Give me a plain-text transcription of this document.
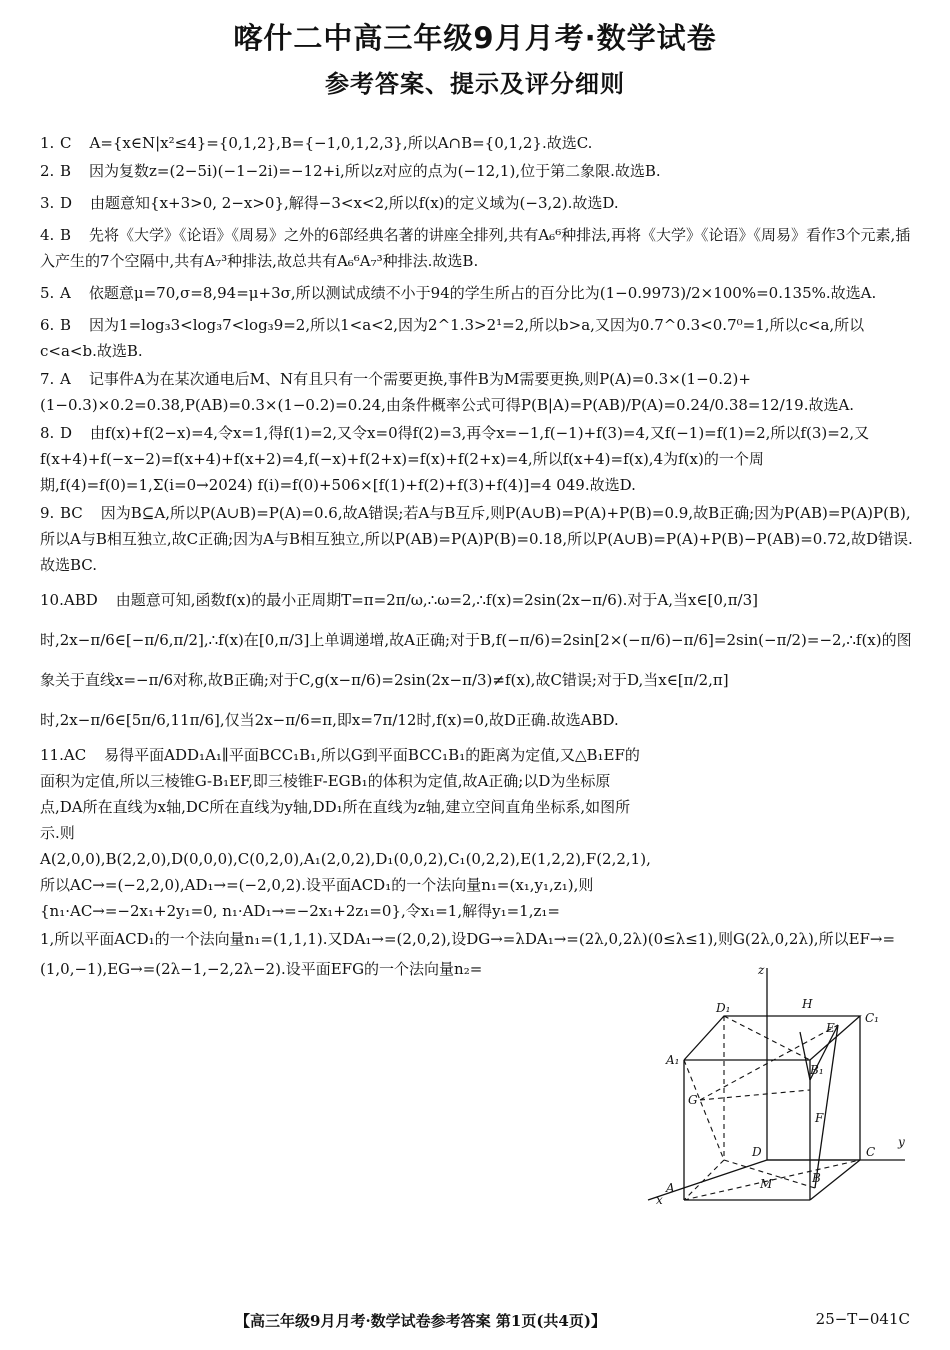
喀什二中高三年级9月月考·数学试卷
参考答案、提示及评分细则
1. C A={x∈N|x²≤4}={0,1,2},B={−1,0,1,2,3},所以A∩B={0,1,2}.故选C.
2. B 因为复数z=(2−5i)(−1−2i)=−12+i,所以z对应的点为(−12,1),位于第二象限.故选B.
3. D 由题意知{x+3>0, 2−x>0},解得−3<x<2,所以f(x)的定义域为(−3,2).故选D.
4. B 先将《大学》《论语》《周易》之外的6部经典名著的讲座全排列,共有A₆⁶种排法,再将《大学》《论语》《周易》看作3个元素,插入产生的7个空隔中,共有A₇³种排法,故总共有A₆⁶A₇³种排法.故选B.
5. A 依题意μ=70,σ=8,94=μ+3σ,所以测试成绩不小于94的学生所占的百分比为(1−0.9973)/2×100%=0.135%.故选A.
6. B 因为1=log₃3<log₃7<log₃9=2,所以1<a<2,因为2^1.3>2¹=2,所以b>a,又因为0.7^0.3<0.7⁰=1,所以c<a,所以c<a<b.故选B.
7. A 记事件A为在某次通电后M、N有且只有一个需要更换,事件B为M需要更换,则P(A)=0.3×(1−0.2)+(1−0.3)×0.2=0.38,P(AB)=0.3×(1−0.2)=0.24,由条件概率公式可得P(B|A)=P(AB)/P(A)=0.24/0.38=12/19.故选A.
8. D 由f(x)+f(2−x)=4,令x=1,得f(1)=2,又令x=0得f(2)=3,再令x=−1,f(−1)+f(3)=4,又f(−1)=f(1)=2,所以f(3)=2,又f(x+4)+f(−x−2)=f(x+4)+f(x+2)=4,f(−x)+f(2+x)=f(x)+f(2+x)=4,所以f(x+4)=f(x),4为f(x)的一个周期,f(4)=f(0)=1,Σ(i=0→2024) f(i)=f(0)+506×[f(1)+f(2)+f(3)+f(4)]=4 049.故选D.
9. BC 因为B⊆A,所以P(A∪B)=P(A)=0.6,故A错误;若A与B互斥,则P(A∪B)=P(A)+P(B)=0.9,故B正确;因为P(AB)=P(A)P(B),所以A与B相互独立,故C正确;因为A与B相互独立,所以P(AB)=P(A)P(B)=0.18,所以P(A∪B)=P(A)+P(B)−P(AB)=0.72,故D错误.故选BC.
10.ABD 由题意可知,函数f(x)的最小正周期T=π=2π/ω,∴ω=2,∴f(x)=2sin(2x−π/6).对于A,当x∈[0,π/3]时,2x−π/6∈[−π/6,π/2],∴f(x)在[0,π/3]上单调递增,故A正确;对于B,f(−π/6)=2sin[2×(−π/6)−π/6]=2sin(−π/2)=−2,∴f(x)的图象关于直线x=−π/6对称,故B正确;对于C,g(x−π/6)=2sin(2x−π/3)≠f(x),故C错误;对于D,当x∈[π/2,π]时,2x−π/6∈[5π/6,11π/6],仅当2x−π/6=π,即x=7π/12时,f(x)=0,故D正确.故选ABD.
11.AC 易得平面ADD₁A₁∥平面BCC₁B₁,所以G到平面BCC₁B₁的距离为定值,又△B₁EF的面积为定值,所以三棱锥G-B₁EF,即三棱锥F-EGB₁的体积为定值,故A正确;以D为坐标原点,DA所在直线为x轴,DC所在直线为y轴,DD₁所在直线为z轴,建立空间直角坐标系,如图所示.则A(2,0,0),B(2,2,0),D(0,0,0),C(0,2,0),A₁(2,0,2),D₁(0,0,2),C₁(0,2,2),E(1,2,2),F(2,2,1),所以AC→=(−2,2,0),AD₁→=(−2,0,2).设平面ACD₁的一个法向量n₁=(x₁,y₁,z₁),则{n₁·AC→=−2x₁+2y₁=0, n₁·AD₁→=−2x₁+2z₁=0},令x₁=1,解得y₁=1,z₁=
1,所以平面ACD₁的一个法向量n₁=(1,1,1).又DA₁→=(2,0,2),设DG→=λDA₁→=(2λ,0,2λ)(0≤λ≤1),则G(2λ,0,2λ),所以EF→=(1,0,−1),EG→=(2λ−1,−2,2λ−2).设平面EFG的一个法向量n₂=	z
y
x
D₁	H
C₁
E
A₁
B₁
G
F
D	C
A	M	B
【高三年级9月月考·数学试卷参考答案 第1页(共4页)】	25−T−041C
